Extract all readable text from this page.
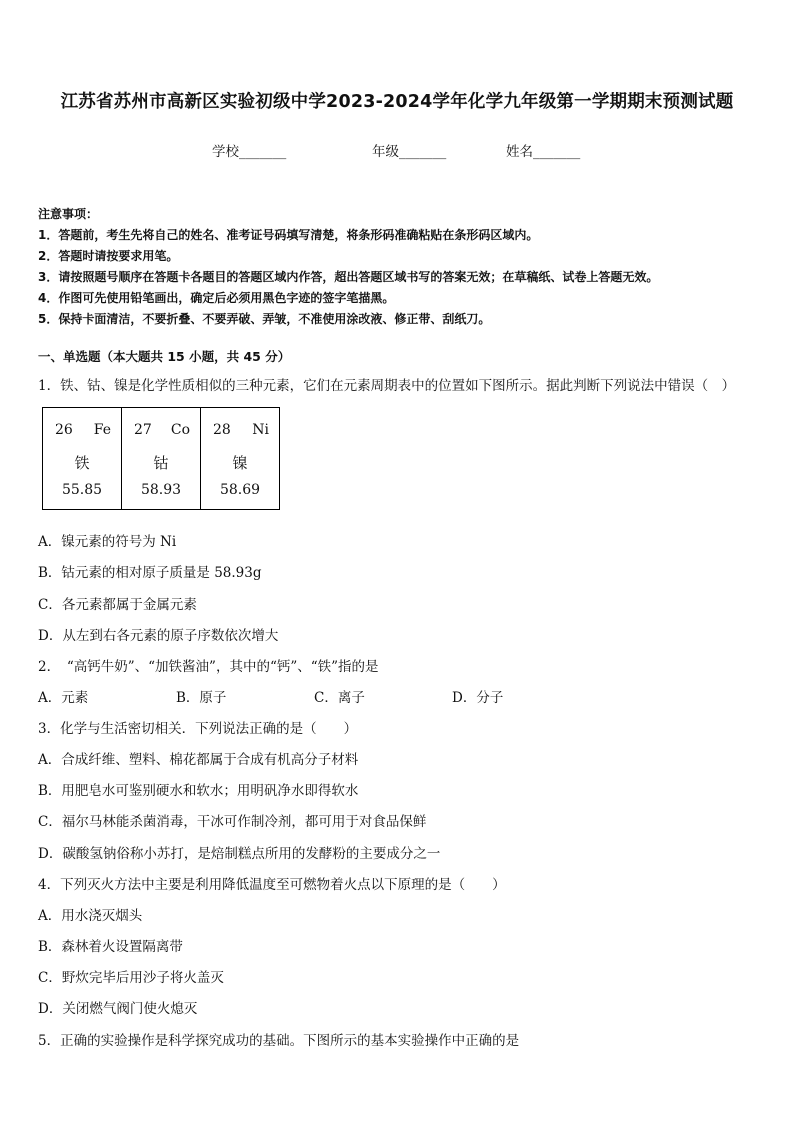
江苏省苏州市高新区实验初级中学2023-2024学年化学九年级第一学期期末预测试题
学校_______	年级_______	姓名_______
注意事项：
1．答题前，考生先将自己的姓名、准考证号码填写清楚，将条形码准确粘贴在条形码区域内。
2．答题时请按要求用笔。
3．请按照题号顺序在答题卡各题目的答题区域内作答，超出答题区域书写的答案无效；在草稿纸、试卷上答题无效。
4．作图可先使用铅笔画出，确定后必须用黑色字迹的签字笔描黑。
5．保持卡面清洁，不要折叠、不要弄破、弄皱，不准使用涂改液、修正带、刮纸刀。
一、单选题（本大题共 15 小题，共 45 分）
1．铁、钴、镍是化学性质相似的三种元素，它们在元素周期表中的位置如下图所示。据此判断下列说法中错误（　）
26 Fe
铁
55.85

27 Co
钴
58.93

28 Ni
镍
58.69
A．镍元素的符号为 Ni
B．钴元素的相对原子质量是 58.93g
C．各元素都属于金属元素
D．从左到右各元素的原子序数依次增大
2．　“高钙牛奶”、“加铁酱油”，其中的“钙”、“铁”指的是
A．元素	B．原子	C．离子	D．分子
3．化学与生活密切相关．下列说法正确的是（　　）
A．合成纤维、塑料、棉花都属于合成有机高分子材料
B．用肥皂水可鉴别硬水和软水；用明矾净水即得软水
C．福尔马林能杀菌消毒，干冰可作制冷剂，都可用于对食品保鲜
D．碳酸氢钠俗称小苏打，是焙制糕点所用的发酵粉的主要成分之一
4．下列灭火方法中主要是利用降低温度至可燃物着火点以下原理的是（　　）
A．用水浇灭烟头
B．森林着火设置隔离带
C．野炊完毕后用沙子将火盖灭
D．关闭燃气阀门使火熄灭
5．正确的实验操作是科学探究成功的基础。下图所示的基本实验操作中正确的是
